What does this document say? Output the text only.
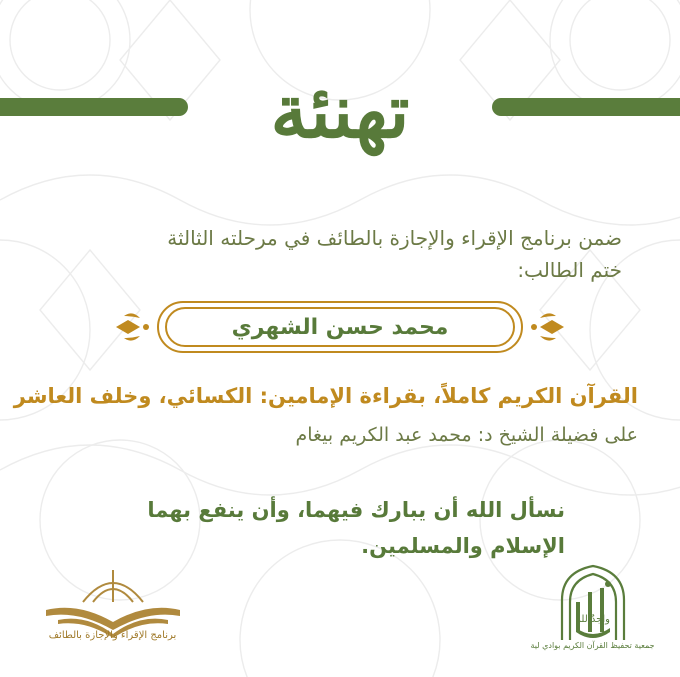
تهنئة
ضمن برنامج الإقراء والإجازة بالطائف في مرحلته الثالثة
ختم الطالب:
محمد حسن الشهري
القرآن الكريم كاملاً، بقراءة الإمامين: الكسائي، وخلف العاشر
على فضيلة الشيخ د: محمد عبد الكريم بيغام
نسأل الله أن يبارك فيهما، وأن ينفع بهما
الإسلام والمسلمين.
برنامج الإقراء والإجازة بالطائف
واجدٌ لله
جمعية تحفيظ القرآن الكريم بوادي لية
